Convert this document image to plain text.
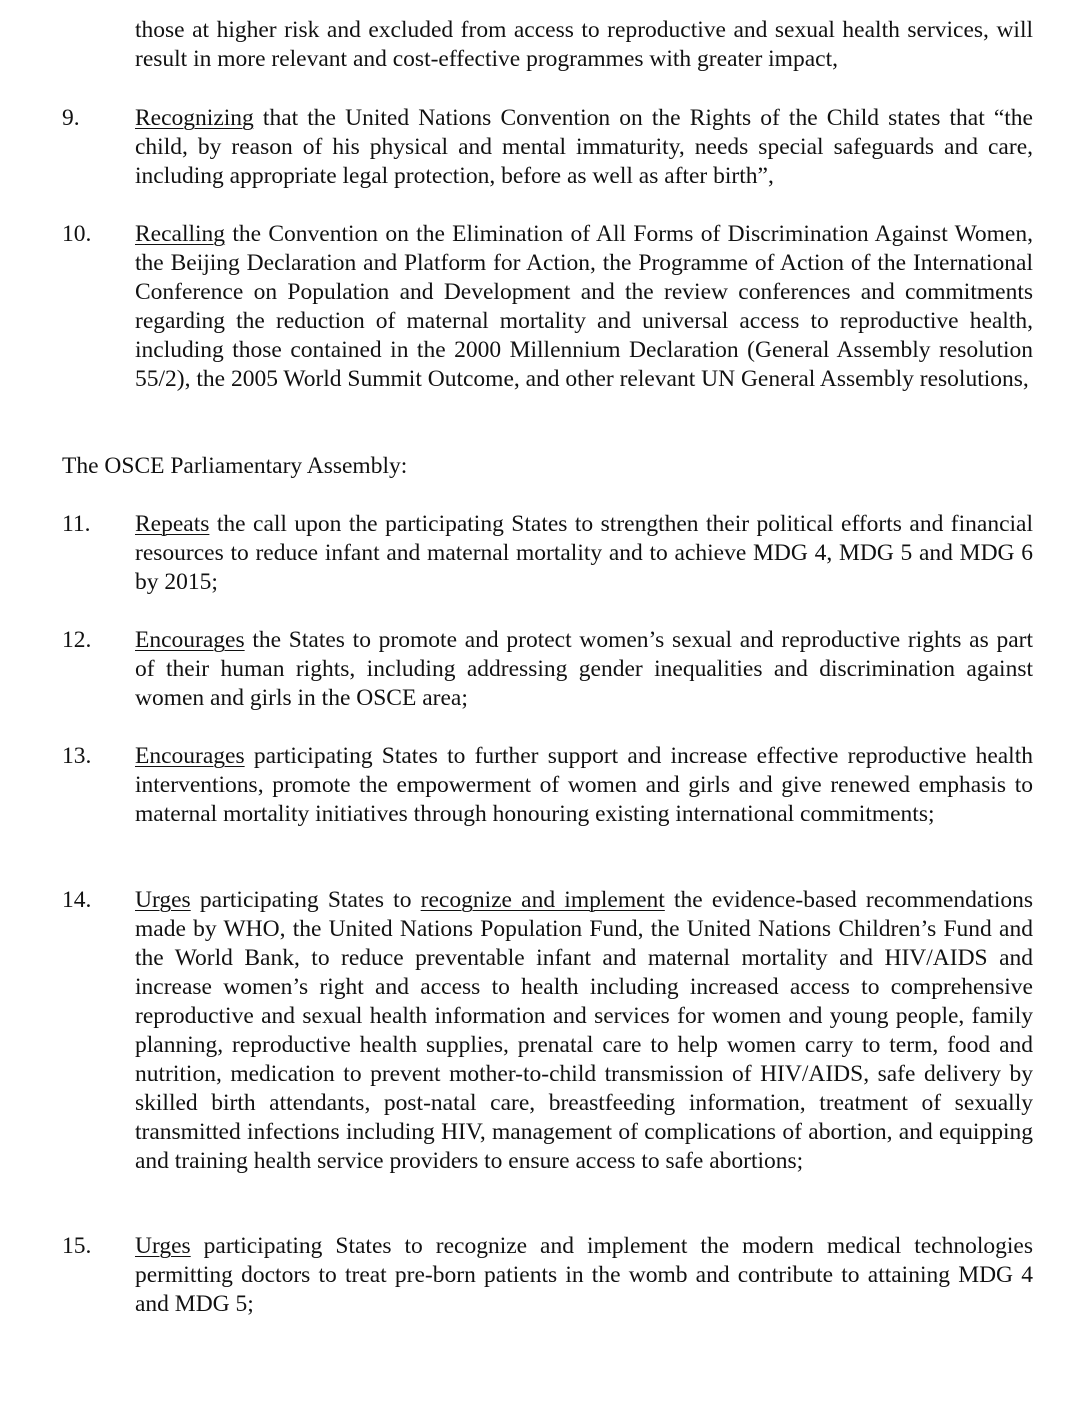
those at higher risk and excluded from access to reproductive and sexual health services, will result in more relevant and cost-effective programmes with greater impact,
9. Recognizing that the United Nations Convention on the Rights of the Child states that “the child, by reason of his physical and mental immaturity, needs special safeguards and care, including appropriate legal protection, before as well as after birth”,
10. Recalling the Convention on the Elimination of All Forms of Discrimination Against Women, the Beijing Declaration and Platform for Action, the Programme of Action of the International Conference on Population and Development and the review conferences and commitments regarding the reduction of maternal mortality and universal access to reproductive health, including those contained in the 2000 Millennium Declaration (General Assembly resolution 55/2), the 2005 World Summit Outcome, and other relevant UN General Assembly resolutions,
The OSCE Parliamentary Assembly:
11. Repeats the call upon the participating States to strengthen their political efforts and financial resources to reduce infant and maternal mortality and to achieve MDG 4, MDG 5 and MDG 6 by 2015;
12. Encourages the States to promote and protect women’s sexual and reproductive rights as part of their human rights, including addressing gender inequalities and discrimination against women and girls in the OSCE area;
13. Encourages participating States to further support and increase effective reproductive health interventions, promote the empowerment of women and girls and give renewed emphasis to maternal mortality initiatives through honouring existing international commitments;
14. Urges participating States to recognize and implement the evidence-based recommendations made by WHO, the United Nations Population Fund, the United Nations Children’s Fund and the World Bank, to reduce preventable infant and maternal mortality and HIV/AIDS and increase women’s right and access to health including increased access to comprehensive reproductive and sexual health information and services for women and young people, family planning, reproductive health supplies, prenatal care to help women carry to term, food and nutrition, medication to prevent mother-to-child transmission of HIV/AIDS, safe delivery by skilled birth attendants, post-natal care, breastfeeding information, treatment of sexually transmitted infections including HIV, management of complications of abortion, and equipping and training health service providers to ensure access to safe abortions;
15. Urges participating States to recognize and implement the modern medical technologies permitting doctors to treat pre-born patients in the womb and contribute to attaining MDG 4 and MDG 5;
